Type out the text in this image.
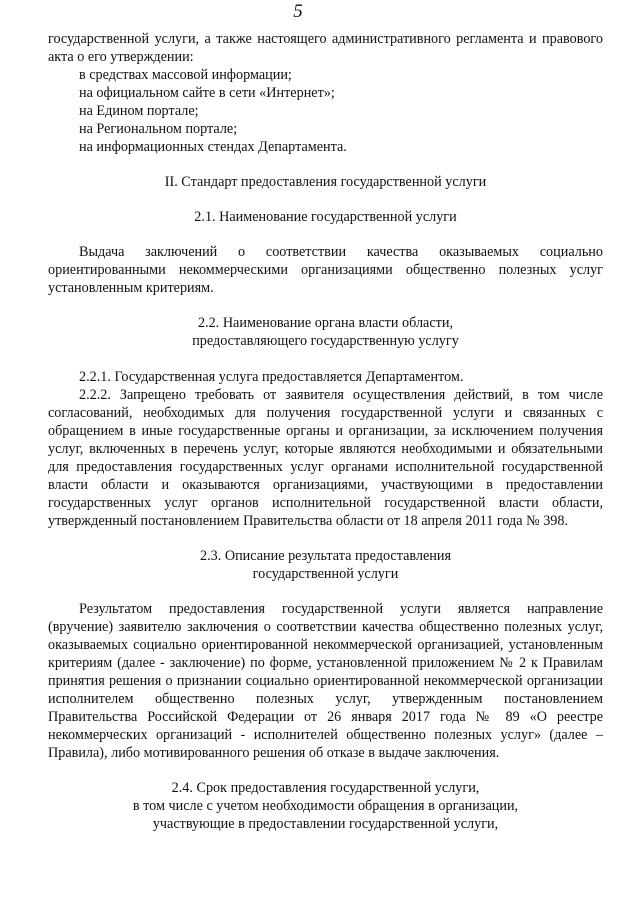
5

государственной услуги, а также настоящего административного регламента и правового акта о его утверждении:

в средствах массовой информации;

на официальном сайте в сети «Интернет»;

на Едином портале;

на Региональном портале;

на информационных стендах Департамента.

II. Стандарт предоставления государственной услуги

2.1. Наименование государственной услуги

Выдача заключений о соответствии качества оказываемых социально ориентированными некоммерческими организациями общественно полезных услуг установленным критериям.

2.2. Наименование органа власти области,

предоставляющего государственную услугу

2.2.1. Государственная услуга предоставляется Департаментом.

2.2.2. Запрещено требовать от заявителя осуществления действий, в том числе согласований, необходимых для получения государственной услуги и связанных с обращением в иные государственные органы и организации, за исключением получения услуг, включенных в перечень услуг, которые являются необходимыми и обязательными для предоставления государственных услуг органами исполнительной государственной власти области и оказываются организациями, участвующими в предоставлении государственных услуг органов исполнительной государственной власти области, утвержденный постановлением Правительства области от 18 апреля 2011 года № 398.

2.3. Описание результата предоставления

государственной услуги

Результатом предоставления государственной услуги является направление (вручение) заявителю заключения о соответствии качества общественно полезных услуг, оказываемых социально ориентированной некоммерческой организацией, установленным критериям (далее - заключение) по форме, установленной приложением № 2 к Правилам принятия решения о признании социально ориентированной некоммерческой организации исполнителем общественно полезных услуг, утвержденным постановлением Правительства Российской Федерации от 26 января 2017 года № 89 «О реестре некоммерческих организаций - исполнителей общественно полезных услуг» (далее – Правила), либо мотивированного решения об отказе в выдаче заключения.

2.4. Срок предоставления государственной услуги,

в том числе с учетом необходимости обращения в организации,

участвующие в предоставлении государственной услуги,
